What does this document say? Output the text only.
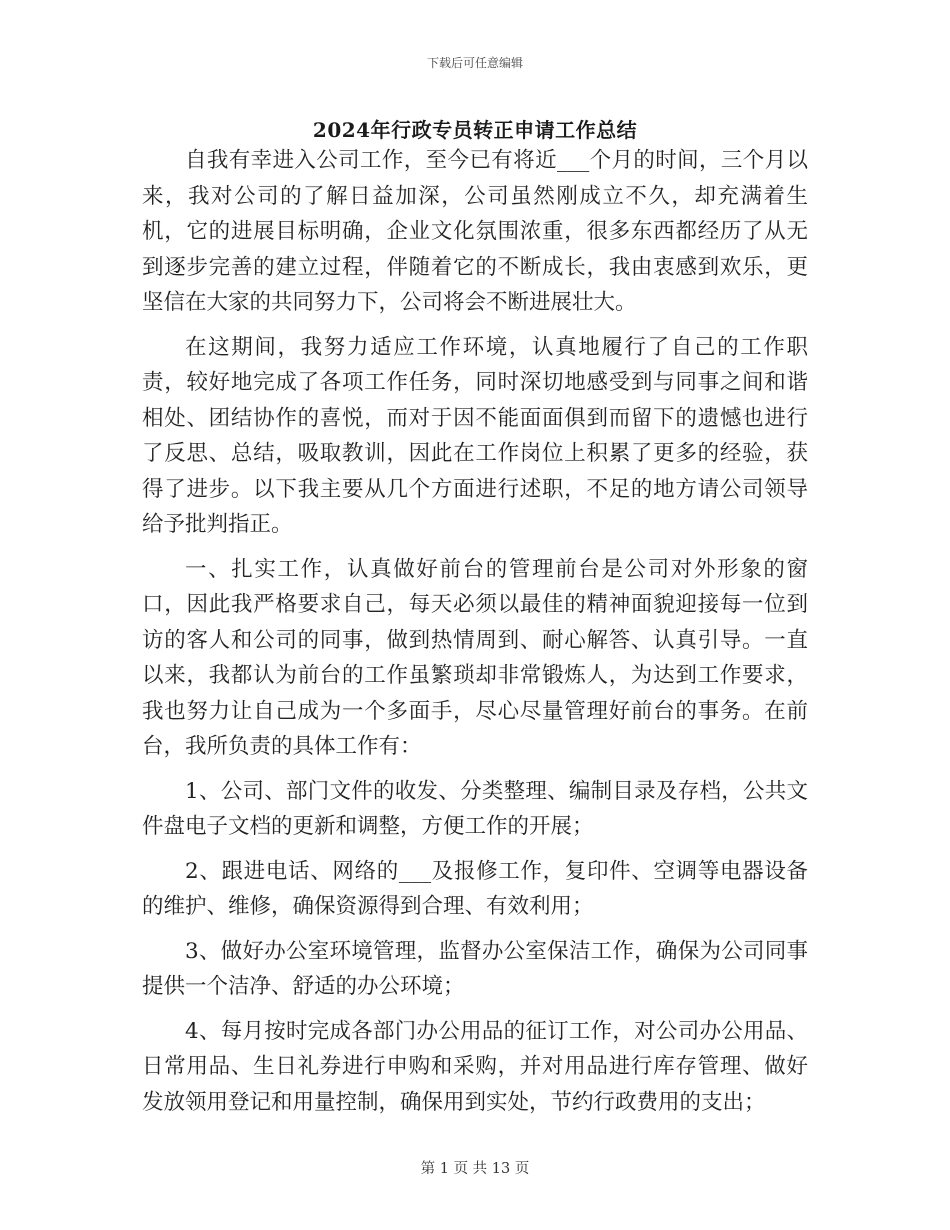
下载后可任意编辑
2024年行政专员转正申请工作总结

自我有幸进入公司工作，至今已有将近___个月的时间，三个月以来，我对公司的了解日益加深，公司虽然刚成立不久，却充满着生机，它的进展目标明确，企业文化氛围浓重，很多东西都经历了从无到逐步完善的建立过程，伴随着它的不断成长，我由衷感到欢乐，更坚信在大家的共同努力下，公司将会不断进展壮大。

在这期间，我努力适应工作环境，认真地履行了自己的工作职责，较好地完成了各项工作任务，同时深切地感受到与同事之间和谐相处、团结协作的喜悦，而对于因不能面面俱到而留下的遗憾也进行了反思、总结，吸取教训，因此在工作岗位上积累了更多的经验，获得了进步。以下我主要从几个方面进行述职，不足的地方请公司领导给予批判指正。

一、扎实工作，认真做好前台的管理前台是公司对外形象的窗口，因此我严格要求自己，每天必须以最佳的精神面貌迎接每一位到访的客人和公司的同事，做到热情周到、耐心解答、认真引导。一直以来，我都认为前台的工作虽繁琐却非常锻炼人，为达到工作要求，我也努力让自己成为一个多面手，尽心尽量管理好前台的事务。在前台，我所负责的具体工作有：

1、公司、部门文件的收发、分类整理、编制目录及存档，公共文件盘电子文档的更新和调整，方便工作的开展；

2、跟进电话、网络的___及报修工作，复印件、空调等电器设备的维护、维修，确保资源得到合理、有效利用；

3、做好办公室环境管理，监督办公室保洁工作，确保为公司同事提供一个洁净、舒适的办公环境；

4、每月按时完成各部门办公用品的征订工作，对公司办公用品、日常用品、生日礼券进行申购和采购，并对用品进行库存管理、做好发放领用登记和用量控制，确保用到实处，节约行政费用的支出；

第 1 页 共 13 页
